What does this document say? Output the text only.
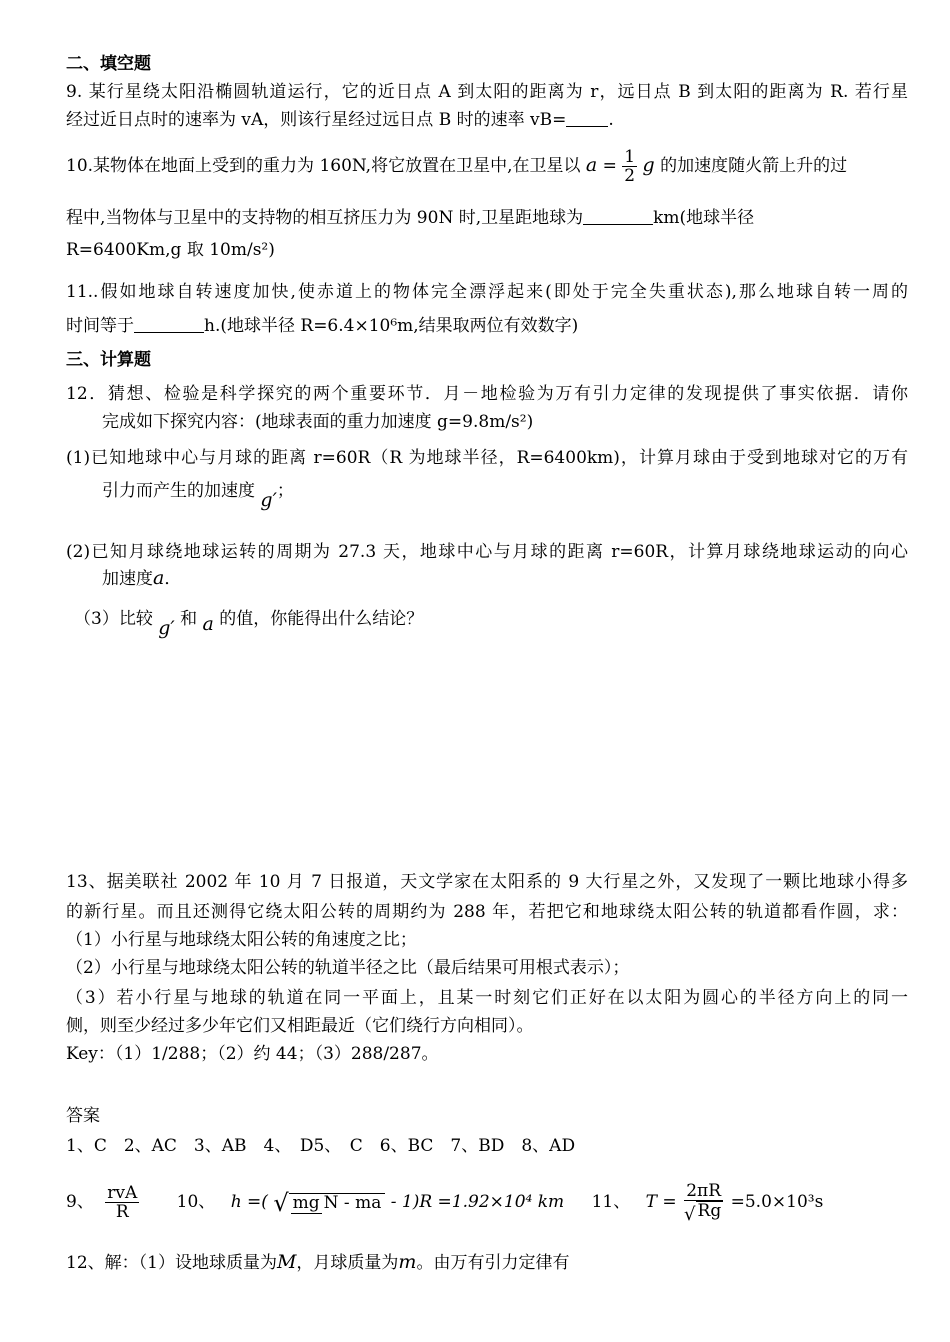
二、填空题
9. 某行星绕太阳沿椭圆轨道运行，它的近日点 A 到太阳的距离为 r，远日点 B 到太阳的距离为 R. 若行星
经过近日点时的速率为 vA，则该行星经过远日点 B 时的速率 vB= .
10.某物体在地面上受到的重力为 160N,将它放置在卫星中,在卫星以 $a = \frac{1}{2}$ g 的加速度随火箭上升的过
程中,当物体与卫星中的支持物的相互挤压力为 90N 时,卫星距地球为	km(地球半径
R=6400Km,g 取 10m/s²)
11..假如地球自转速度加快,使赤道上的物体完全漂浮起来(即处于完全失重状态),那么地球自转一周的
时间等于	h.(地球半径 R=6.4×10⁶m,结果取两位有效数字)
三、计算题
12．猜想、检验是科学探究的两个重要环节．月－地检验为万有引力定律的发现提供了事实依据．请你
完成如下探究内容：(地球表面的重力加速度 g=9.8m/s²)
(1)已知地球中心与月球的距离 r=60R（R 为地球半径，R=6400km)，计算月球由于受到地球对它的万有
引力而产生的加速度 g′；
(2)已知月球绕地球运转的周期为 27.3 天，地球中心与月球的距离 r=60R，计算月球绕地球运动的向心
加速度a．
（3）比较 g′ 和 a 的值，你能得出什么结论？
13、据美联社 2002 年 10 月 7 日报道，天文学家在太阳系的 9 大行星之外，又发现了一颗比地球小得多
的新行星。而且还测得它绕太阳公转的周期约为 288 年，若把它和地球绕太阳公转的轨道都看作圆，求：
（1）小行星与地球绕太阳公转的角速度之比；
（2）小行星与地球绕太阳公转的轨道半径之比（最后结果可用根式表示）；
（3）若小行星与地球的轨道在同一平面上，且某一时刻它们正好在以太阳为圆心的半径方向上的同一
侧，则至少经过多少年它们又相距最近（它们绕行方向相同）。
Key：（1）1/288；（2）约 44；（3）288/287。
答案
1、C　2、AC　3、AB　4、　D5、　C　6、BC　7、BD　8、AD
9、 $\frac{\text{rvA}}{R} 10$、 h =( √ mg N - ma - 1)R =1.92×10⁴ km 11、 $T = \frac{2\pi R}{√ Rg} =5.0\times 10^3s$
12、解：（1）设地球质量为M，月球质量为m。由万有引力定律有
